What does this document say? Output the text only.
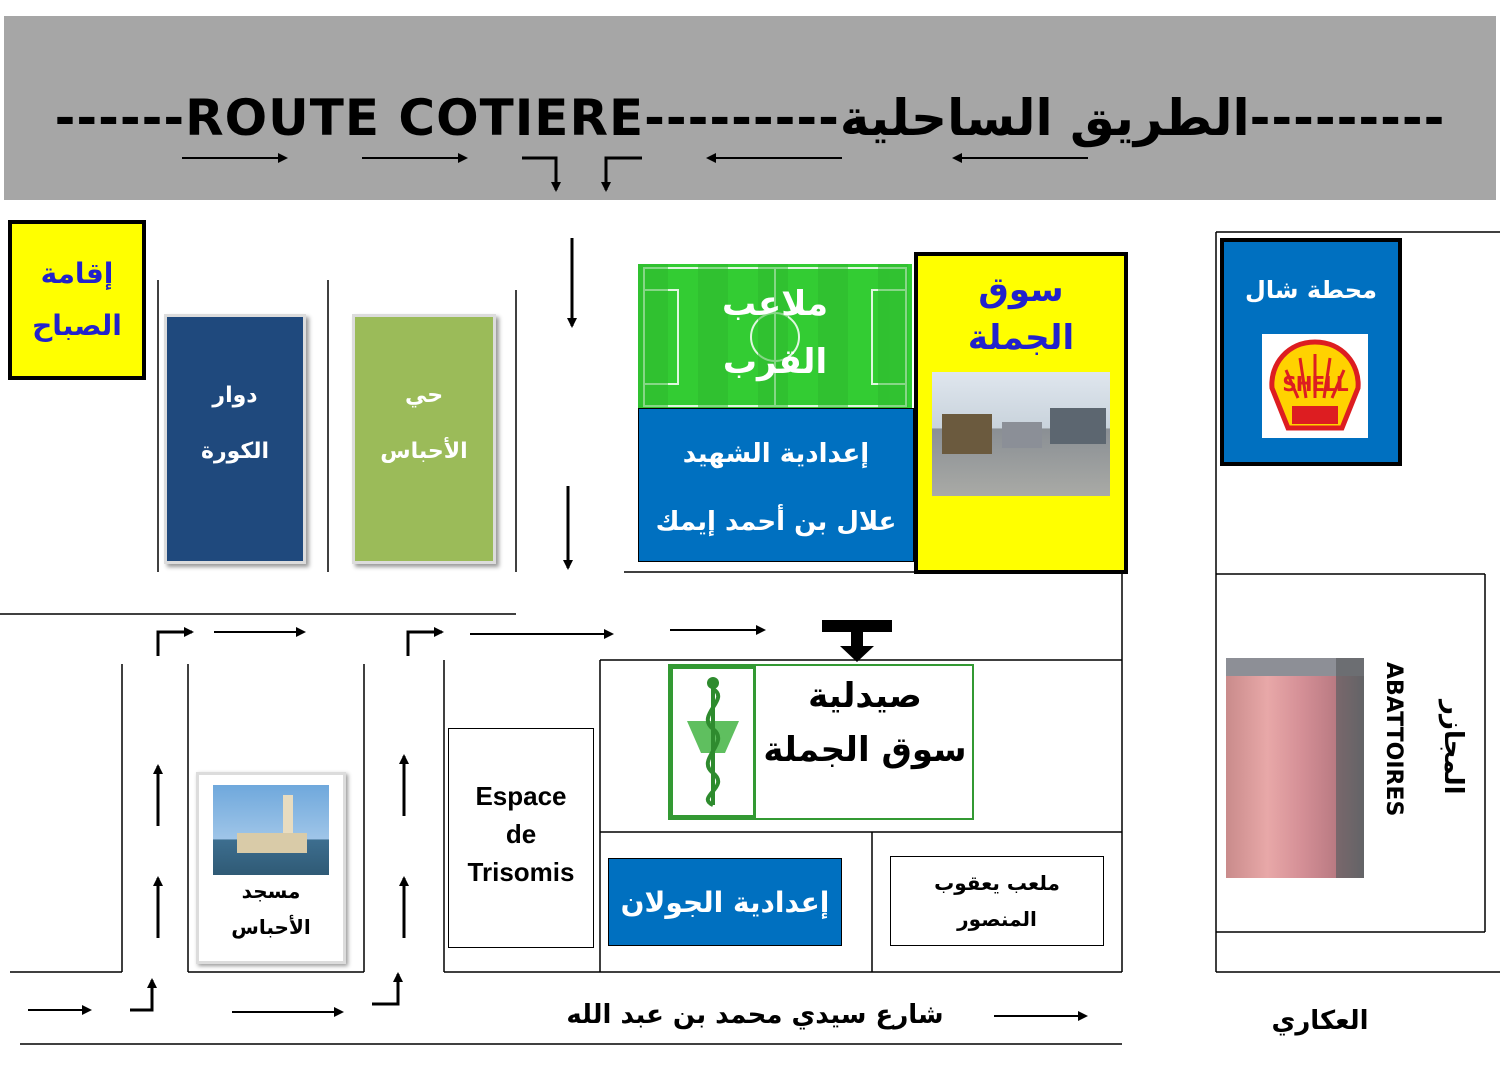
------ ROUTE COTIERE --------- الطريق الساحلية ---------
إقامة الصباح
دوار
الكورة
حي
الأحباس
ملاعب
القرب
إعدادية الشهيد
علال بن أحمد إيمك
سوق
الجملة
محطة شال
SHELL
ABATTOIRES المجازر
صيدلية
سوق الجملة
Espace
de
Trisomis
إعدادية الجولان
ملعب يعقوب
المنصور
مسجد
الأحباس
شارع سيدي محمد بن عبد الله	العكاري
